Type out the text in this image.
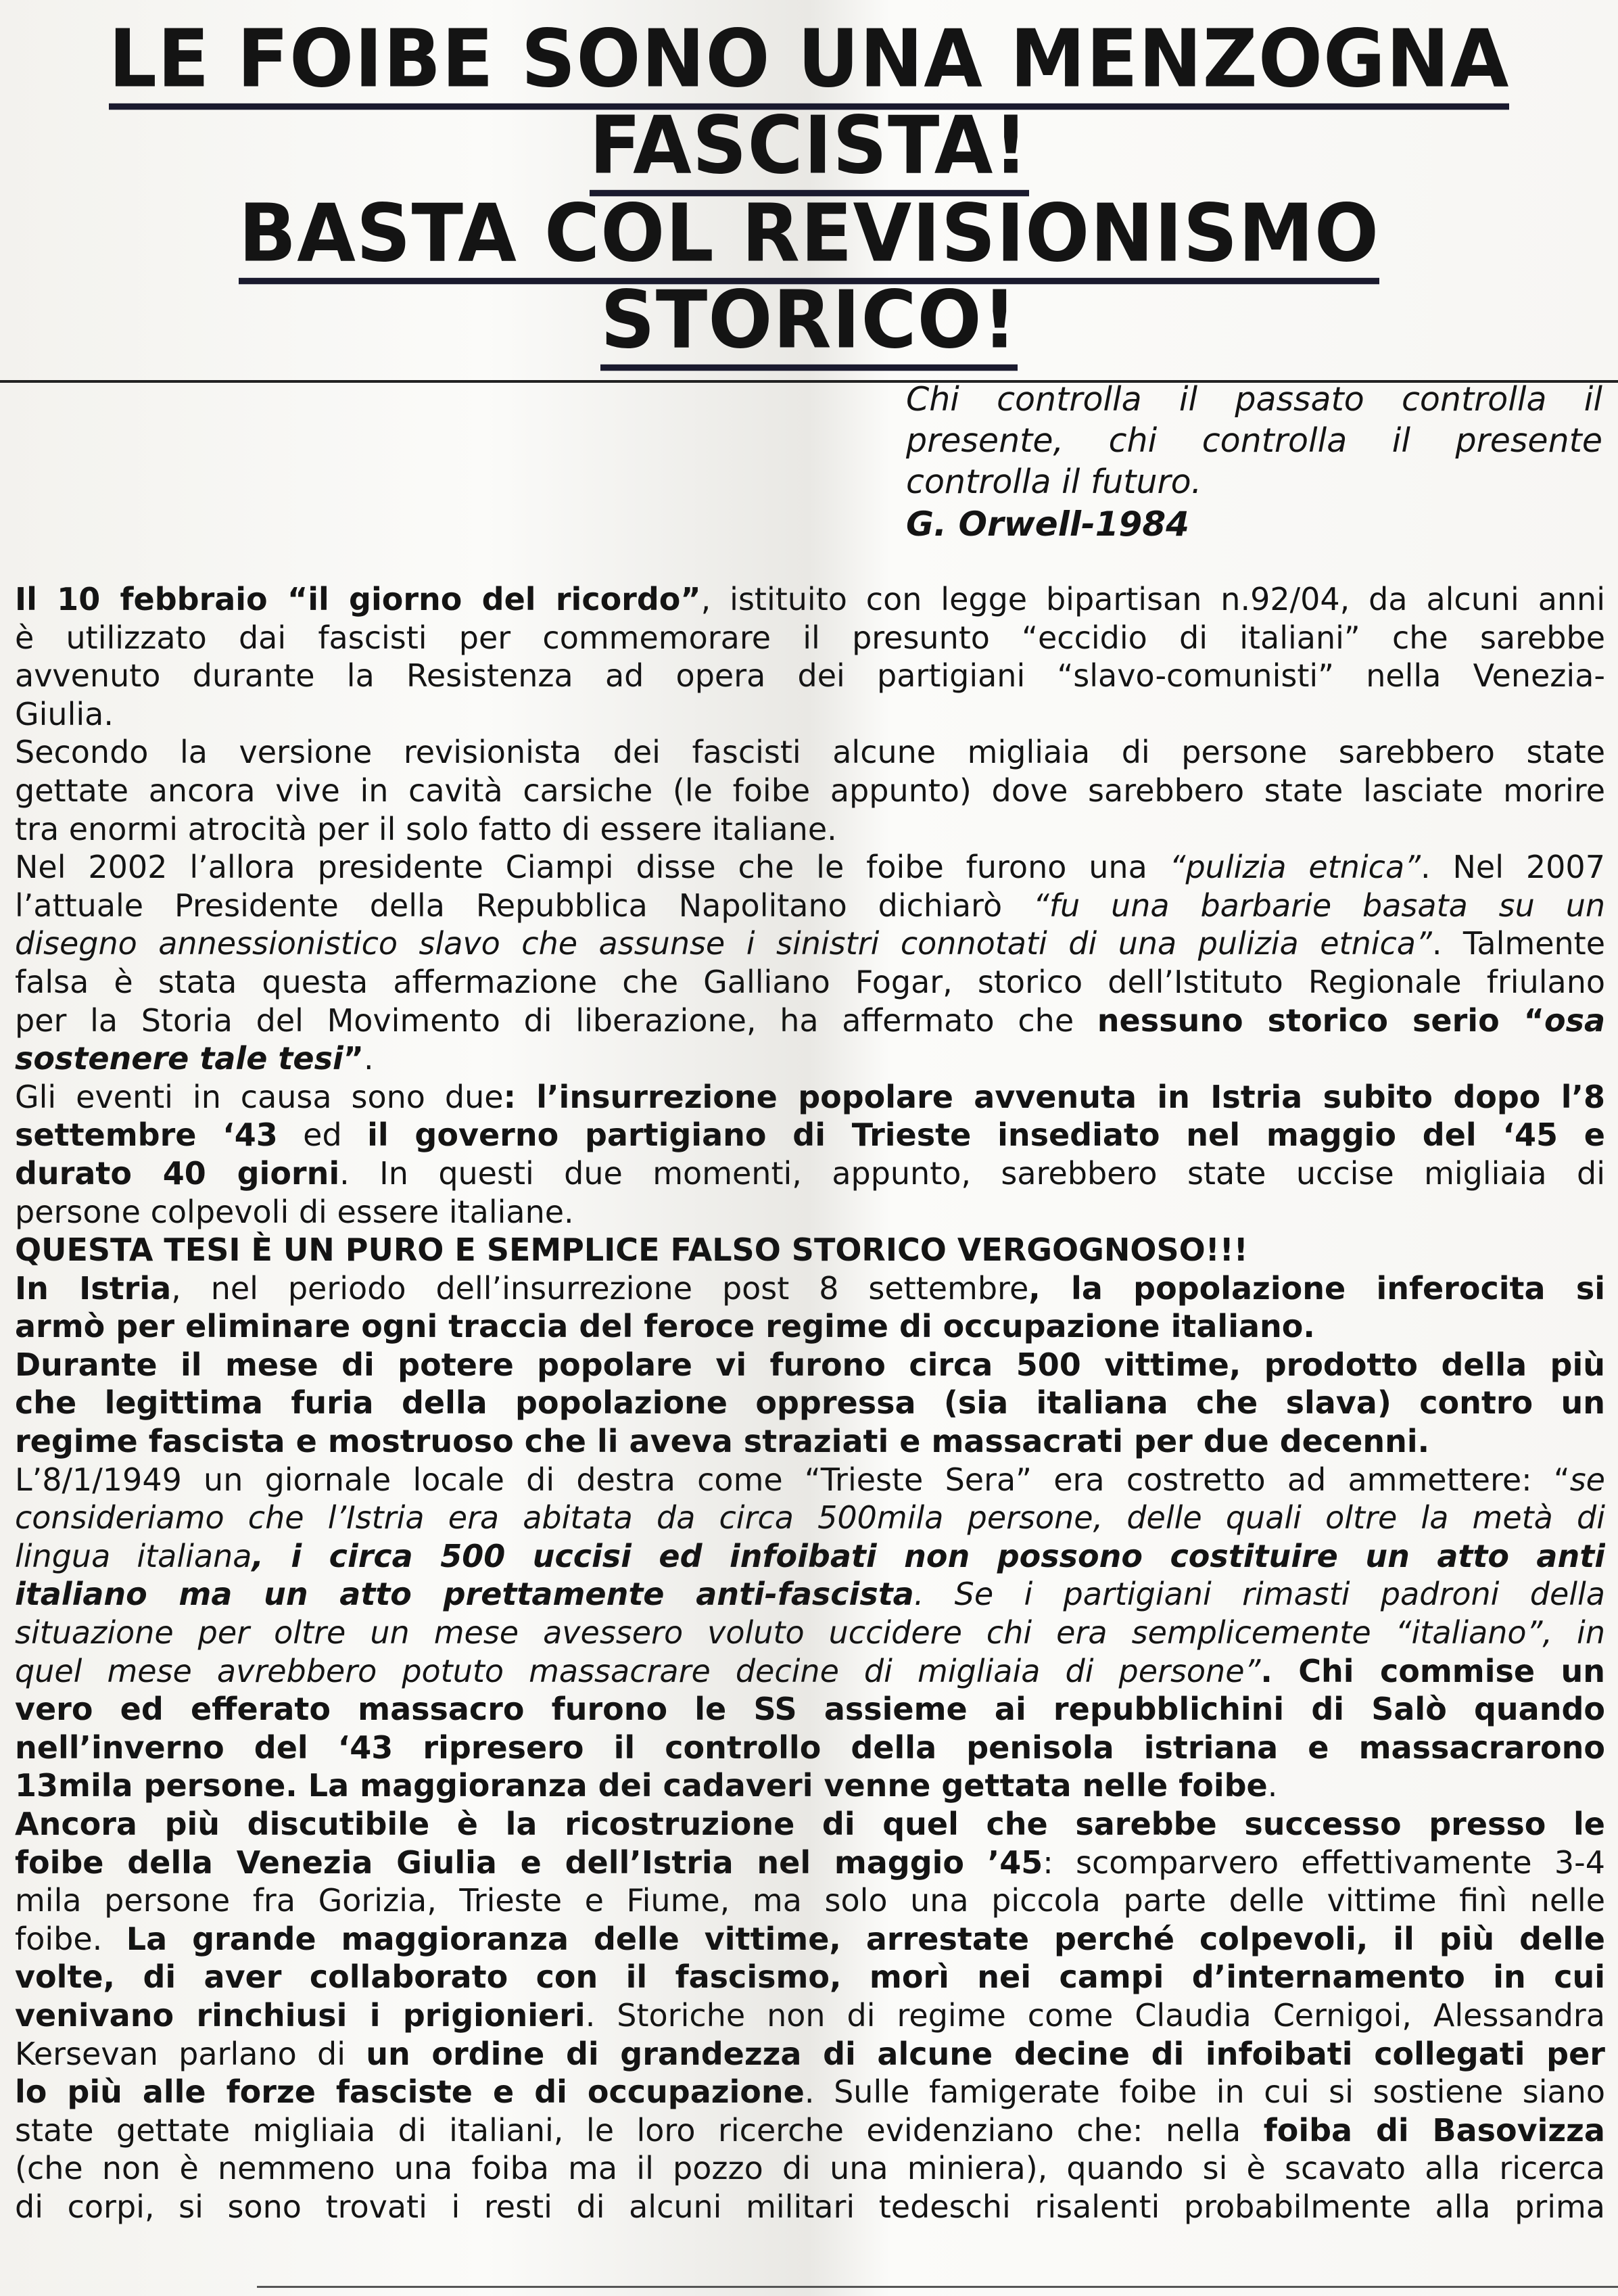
LE FOIBE SONO UNA MENZOGNA
FASCISTA!
BASTA COL REVISIONISMO
STORICO!
Chi controlla il passato controlla il
presente, chi controlla il presente
controlla il futuro.
G. Orwell-1984
Il 10 febbraio “il giorno del ricordo”, istituito con legge bipartisan n.92/04, da alcuni anni
è utilizzato dai fascisti per commemorare il presunto “eccidio di italiani” che sarebbe
avvenuto durante la Resistenza ad opera dei partigiani “slavo-comunisti” nella Venezia-
Giulia.
Secondo la versione revisionista dei fascisti alcune migliaia di persone sarebbero state
gettate ancora vive in cavità carsiche (le foibe appunto) dove sarebbero state lasciate morire
tra enormi atrocità per il solo fatto di essere italiane.
Nel 2002 l’allora presidente Ciampi disse che le foibe furono una “pulizia etnica”. Nel 2007
l’attuale Presidente della Repubblica Napolitano dichiarò “fu una barbarie basata su un
disegno annessionistico slavo che assunse i sinistri connotati di una pulizia etnica”. Talmente
falsa è stata questa affermazione che Galliano Fogar, storico dell’Istituto Regionale friulano
per la Storia del Movimento di liberazione, ha affermato che nessuno storico serio “osa
sostenere tale tesi”.
Gli eventi in causa sono due: l’insurrezione popolare avvenuta in Istria subito dopo l’8
settembre ‘43 ed il governo partigiano di Trieste insediato nel maggio del ‘45 e
durato 40 giorni. In questi due momenti, appunto, sarebbero state uccise migliaia di
persone colpevoli di essere italiane.
QUESTA TESI È UN PURO E SEMPLICE FALSO STORICO VERGOGNOSO!!!
In Istria, nel periodo dell’insurrezione post 8 settembre, la popolazione inferocita si
armò per eliminare ogni traccia del feroce regime di occupazione italiano.
Durante il mese di potere popolare vi furono circa 500 vittime, prodotto della più
che legittima furia della popolazione oppressa (sia italiana che slava) contro un
regime fascista e mostruoso che li aveva straziati e massacrati per due decenni.
L’8/1/1949 un giornale locale di destra come “Trieste Sera” era costretto ad ammettere: “se
consideriamo che l’Istria era abitata da circa 500mila persone, delle quali oltre la metà di
lingua italiana, i circa 500 uccisi ed infoibati non possono costituire un atto anti
italiano ma un atto prettamente anti-fascista. Se i partigiani rimasti padroni della
situazione per oltre un mese avessero voluto uccidere chi era semplicemente “italiano”, in
quel mese avrebbero potuto massacrare decine di migliaia di persone”. Chi commise un
vero ed efferato massacro furono le SS assieme ai repubblichini di Salò quando
nell’inverno del ‘43 ripresero il controllo della penisola istriana e massacrarono
13mila persone. La maggioranza dei cadaveri venne gettata nelle foibe.
Ancora più discutibile è la ricostruzione di quel che sarebbe successo presso le
foibe della Venezia Giulia e dell’Istria nel maggio ’45: scomparvero effettivamente 3-4
mila persone fra Gorizia, Trieste e Fiume, ma solo una piccola parte delle vittime finì nelle
foibe. La grande maggioranza delle vittime, arrestate perché colpevoli, il più delle
volte, di aver collaborato con il fascismo, morì nei campi d’internamento in cui
venivano rinchiusi i prigionieri. Storiche non di regime come Claudia Cernigoi, Alessandra
Kersevan parlano di un ordine di grandezza di alcune decine di infoibati collegati per
lo più alle forze fasciste e di occupazione. Sulle famigerate foibe in cui si sostiene siano
state gettate migliaia di italiani, le loro ricerche evidenziano che: nella foiba di Basovizza
(che non è nemmeno una foiba ma il pozzo di una miniera), quando si è scavato alla ricerca
di corpi, si sono trovati i resti di alcuni militari tedeschi risalenti probabilmente alla prima
